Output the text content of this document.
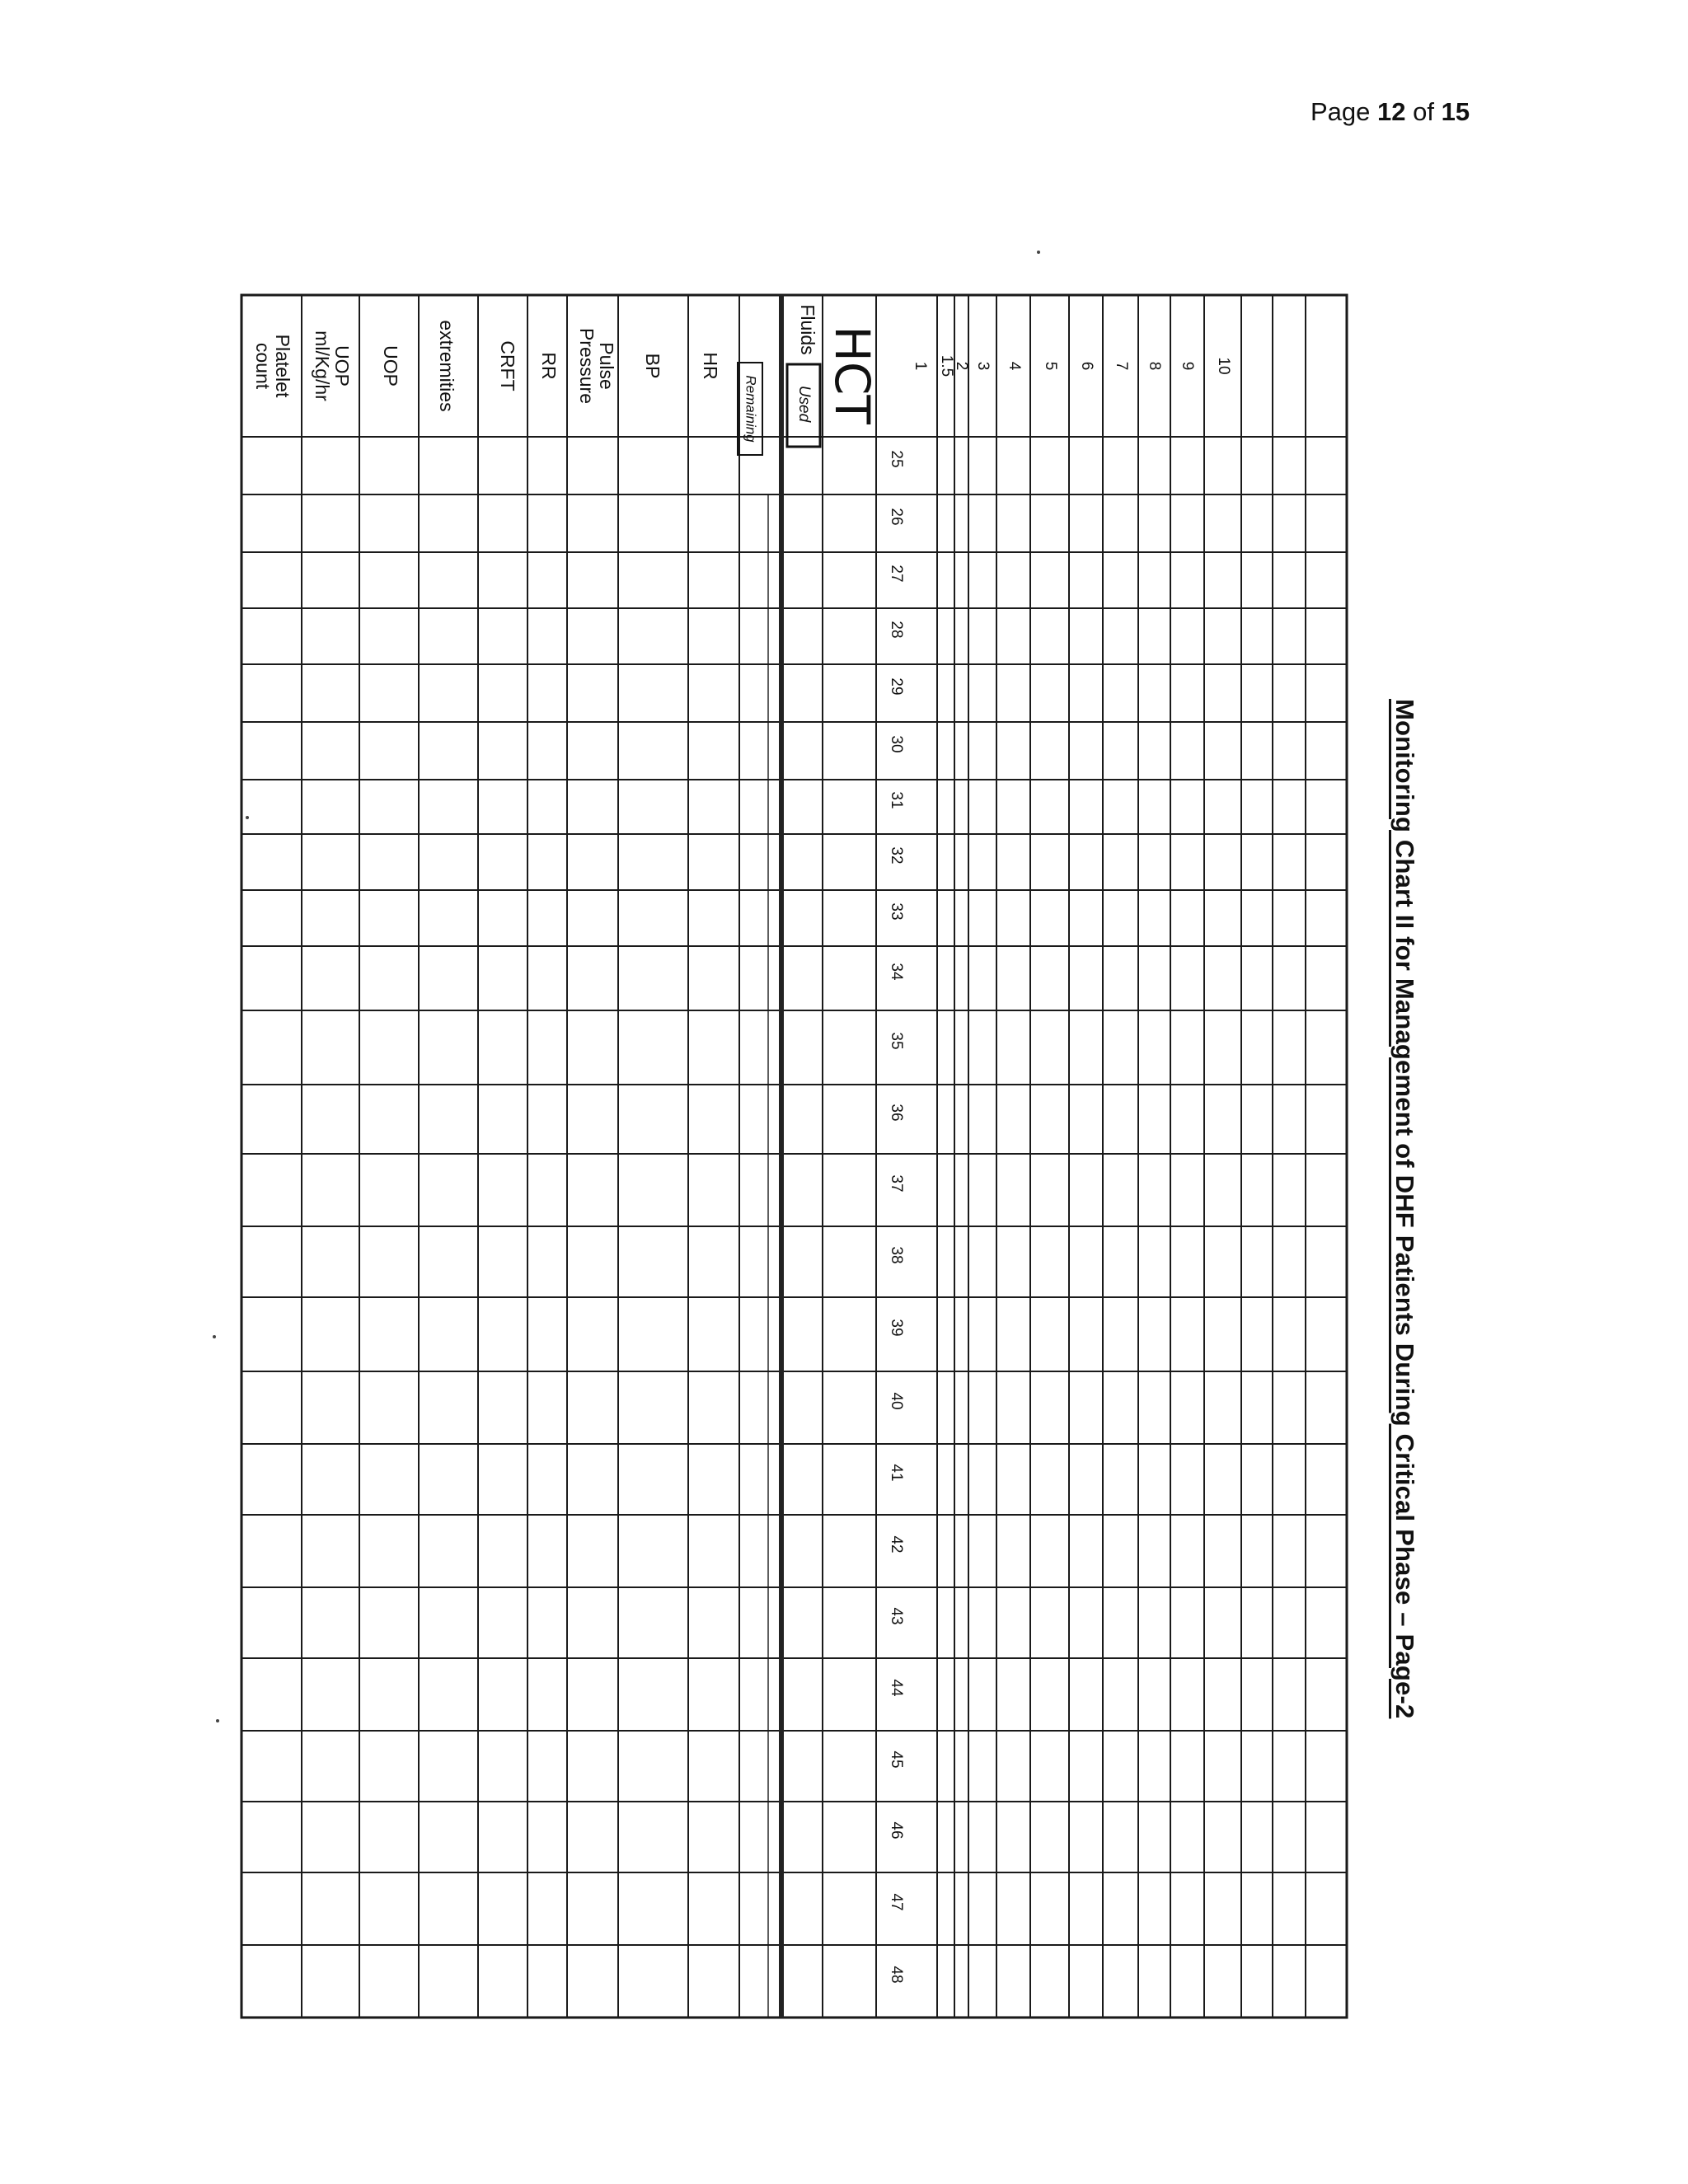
Page 12 of 15
Monitoring Chart II for Management of DHF Patients During Critical Phase – Page-2
HCT
Fluids
Used
Remaining
HR
BP
Pulse
Pressure
RR
CRFT
extremities
UOP
UOP
ml/Kg/hr
Platelet
count	1 1.5
2 3 4 5 6 7 8 9 10
25
26
27
28
29
30
31
32
33
34
35
36
37
38
39
40
41
42
43
44
45
46
47
48
